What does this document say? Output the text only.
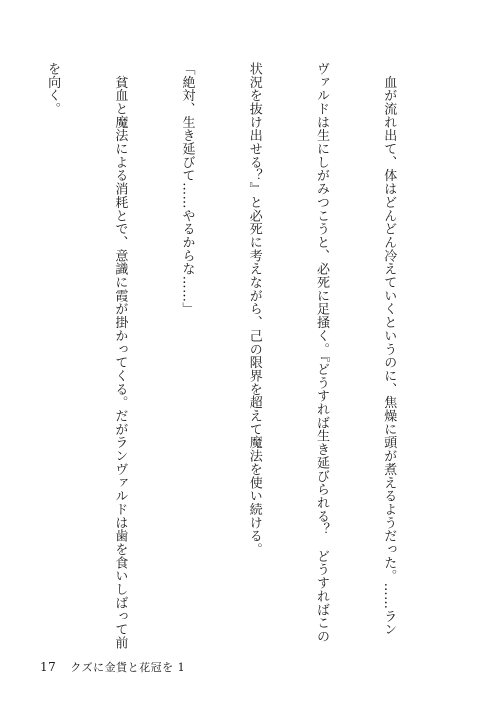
　血が流れ出て、体はどんどん冷えていくというのに、焦燥に頭が煮えるようだった。……ラン

ヴァルドは生にしがみつこうと、必死に足掻く。『どうすれば生き延びられる？　どうすればこの

状況を抜け出せる？』と必死に考えながら、己の限界を超えて魔法を使い続ける。

「絶対、生き延びて……やるからな……」

　貧血と魔法による消耗とで、意識に霞が掛かってくる。だがランヴァルドは歯を食いしばって前

を向く。

17 クズに金貨と花冠を 1
